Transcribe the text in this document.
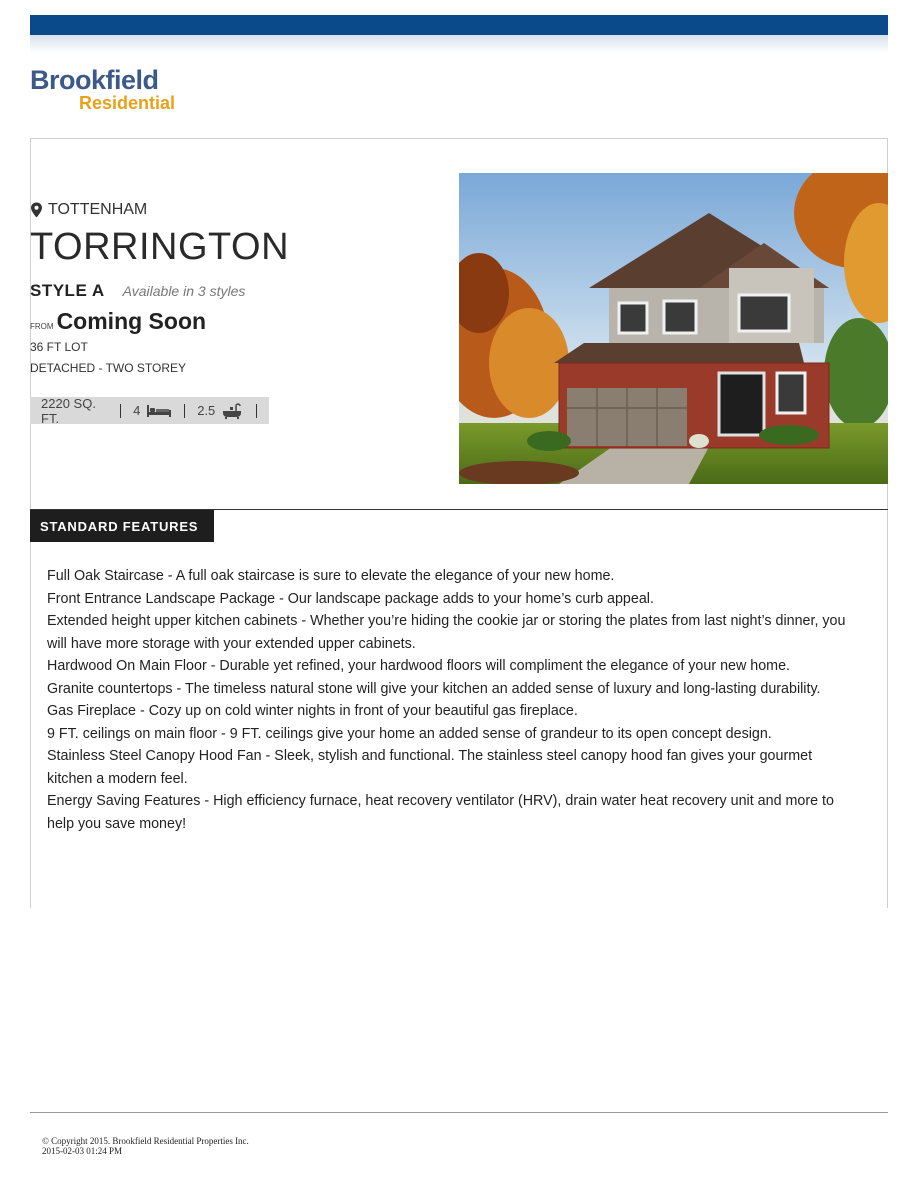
Brookfield
Residential
TOTTENHAM
TORRINGTON
STYLE A Available in 3 styles
FROM Coming Soon
36 FT LOT
DETACHED - TWO STOREY
2220 SQ. FT.	4	2.5
STANDARD FEATURES

Full Oak Staircase - A full oak staircase is sure to elevate the elegance of your new home.

Front Entrance Landscape Package - Our landscape package adds to your home’s curb appeal.

Extended height upper kitchen cabinets - Whether you’re hiding the cookie jar or storing the plates from last night’s dinner, you will have more storage with your extended upper cabinets.

Hardwood On Main Floor - Durable yet refined, your hardwood floors will compliment the elegance of your new home.

Granite countertops - The timeless natural stone will give your kitchen an added sense of luxury and long-lasting durability.

Gas Fireplace - Cozy up on cold winter nights in front of your beautiful gas fireplace.

9 FT. ceilings on main floor - 9 FT. ceilings give your home an added sense of grandeur to its open concept design.

Stainless Steel Canopy Hood Fan - Sleek, stylish and functional. The stainless steel canopy hood fan gives your gourmet kitchen a modern feel.

Energy Saving Features - High efficiency furnace, heat recovery ventilator (HRV), drain water heat recovery unit and more to help you save money!

© Copyright 2015. Brookfield Residential Properties Inc.
2015-02-03 01:24 PM
